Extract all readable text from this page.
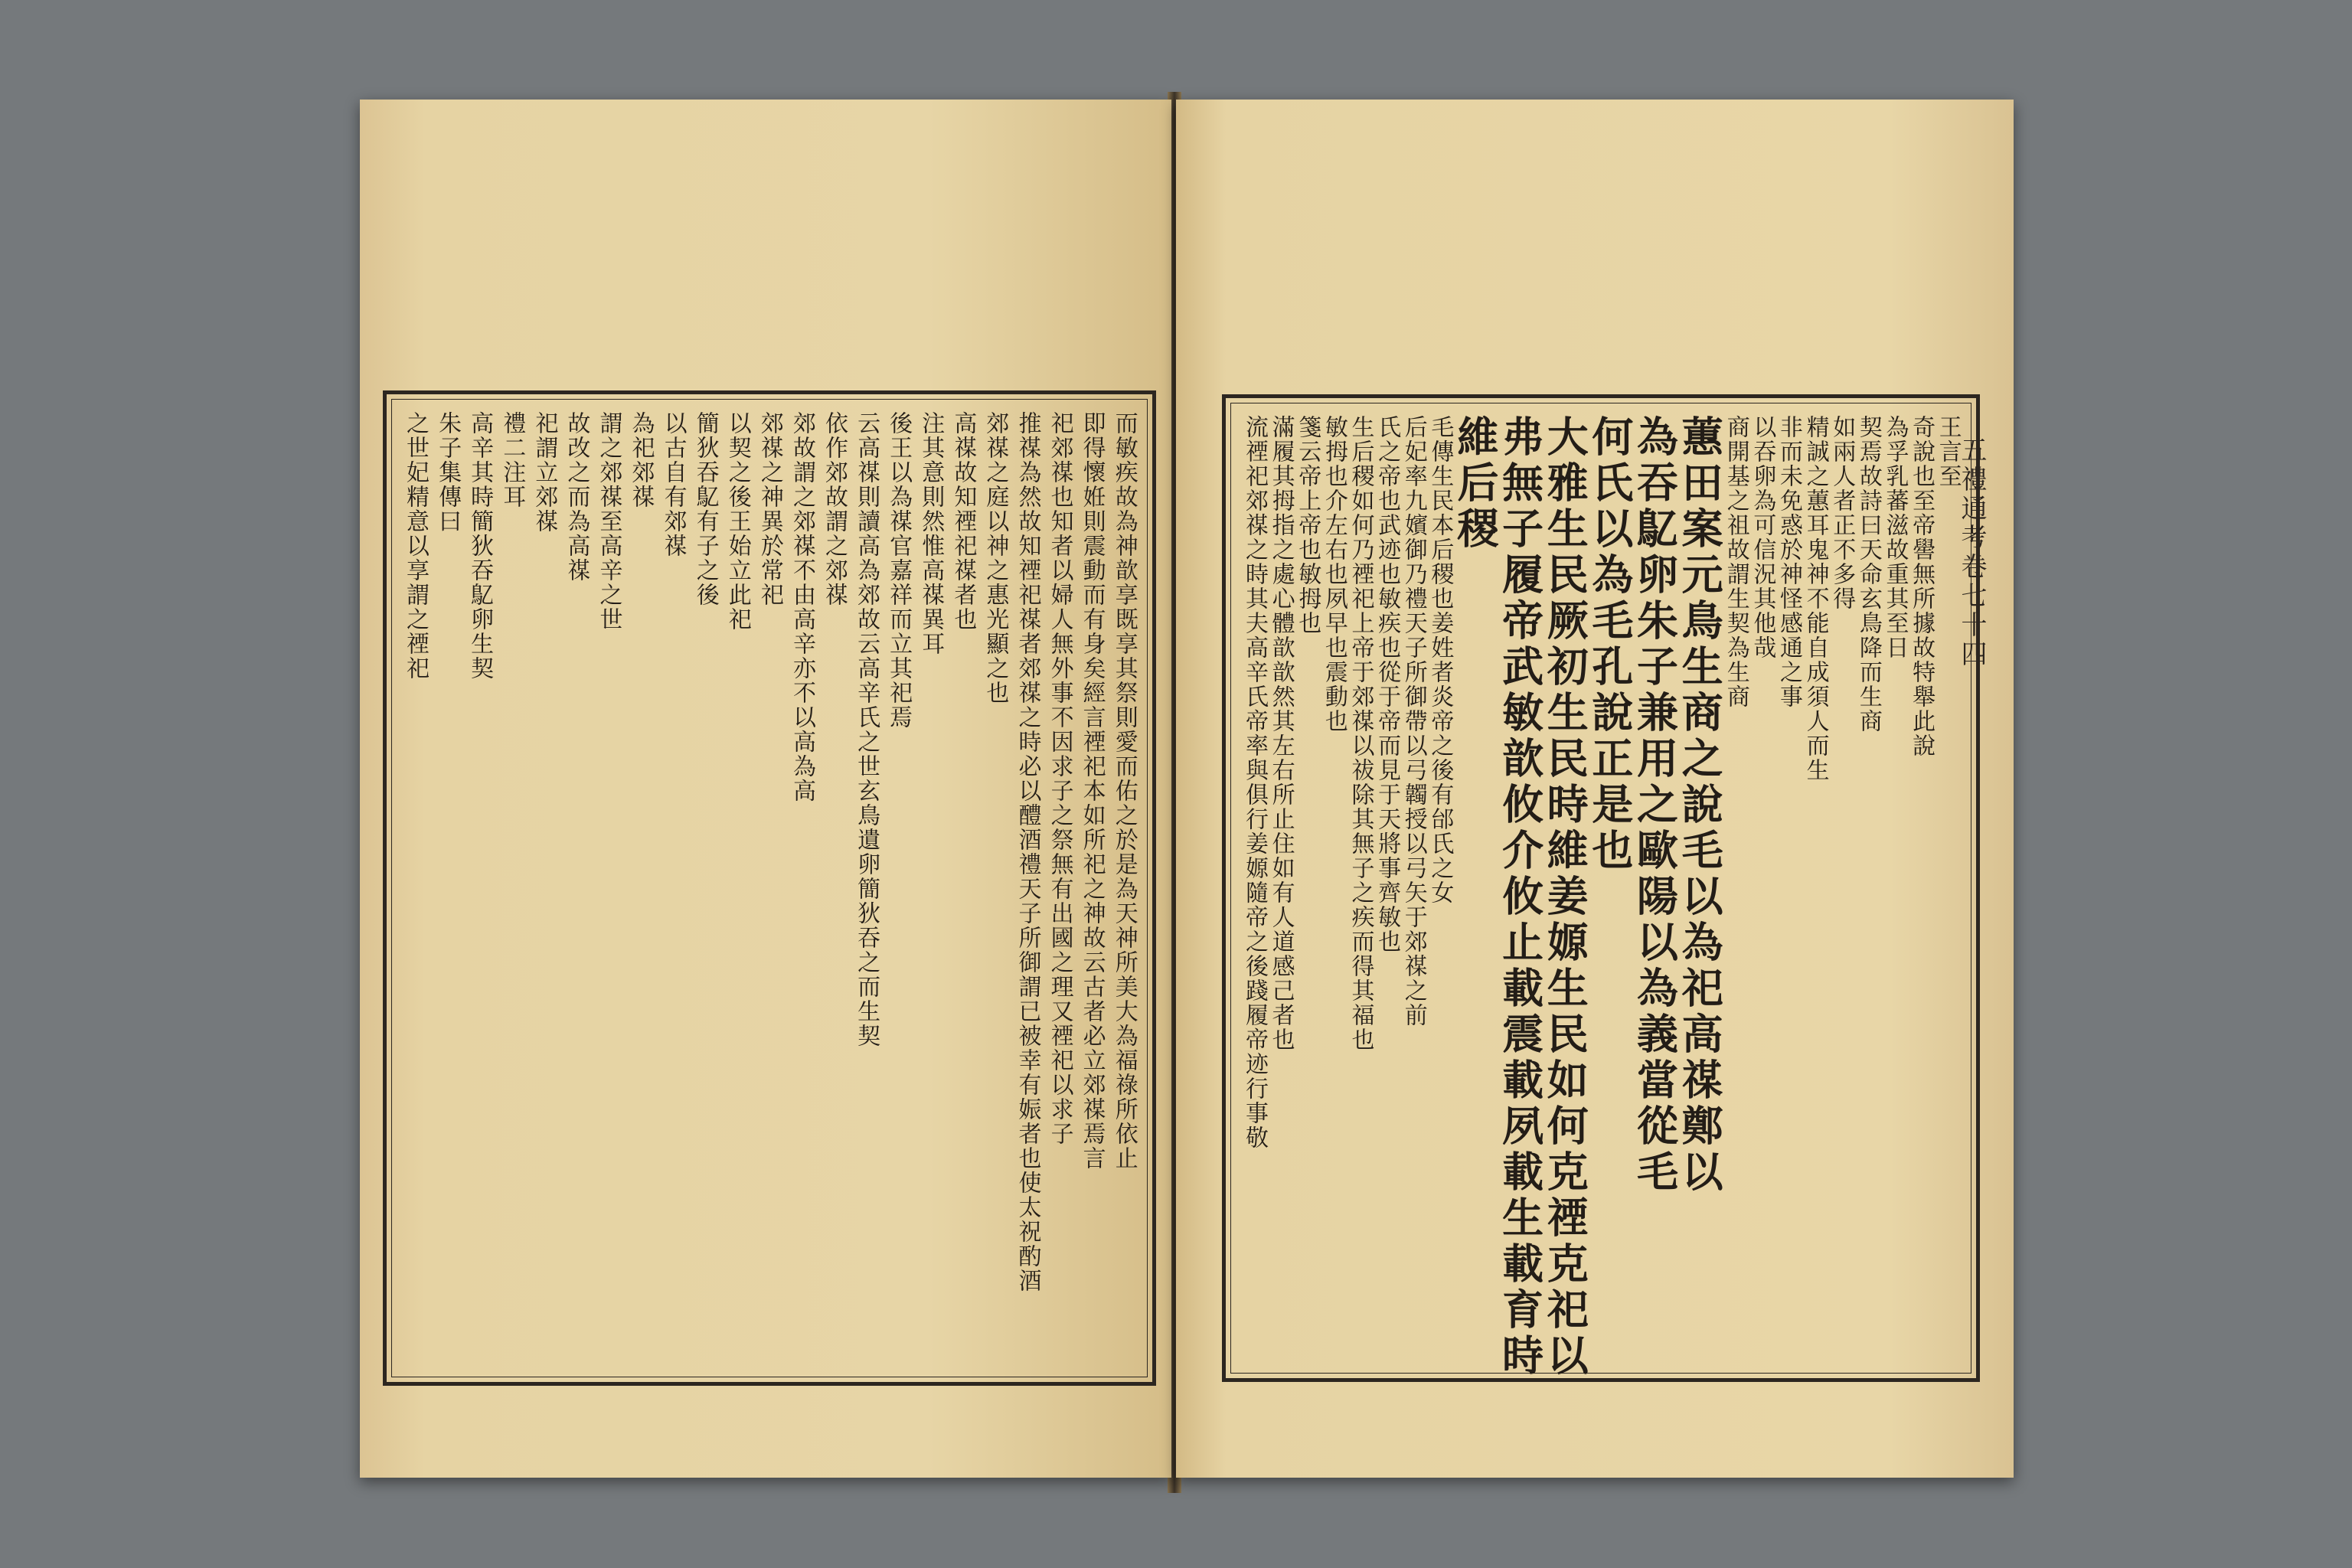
而敏疾故為神歆享既享其祭則愛而佑之於是為天神所美大為福祿所依止
即得懷姙則震動而有身矣經言禋祀本如所祀之神故云古者必立郊禖焉言
祀郊禖也知者以婦人無外事不因求子之祭無有出國之理又禋祀以求子
推禖為然故知禋祀禖者郊禖之時必以醴酒禮天子所御謂已被幸有娠者也使太祝酌酒
郊禖之庭以神之惠光顯之也
高禖故知禋祀禖者也
注其意則然惟高禖異耳
後王以為禖官嘉祥而立其祀焉
云高禖則讀高為郊故云高辛氏之世玄鳥遺卵簡狄吞之而生契
依作郊故謂之郊禖
郊故謂之郊禖不由高辛亦不以高為高
郊禖之神異於常祀
以契之後王始立此祀
簡狄吞鳦有子之後
以古自有郊禖
為祀郊禖
謂之郊禖至高辛之世
故改之而為高禖
祀謂立郊禖
禮二注耳
高辛其時簡狄吞鳦卵生契
朱子集傳曰
之世妃精意以享謂之禋祀	五禮通考卷七十四
王言至
奇說也至帝嚳無所據故特舉此說
為孚乳蕃滋故重其至日
契焉故詩曰天命玄鳥降而生商
如兩人者正不多得
精誠之蕙耳鬼神不能自成須人而生
非而未免惑於神怪感通之事
以吞卵為可信況其他哉
商開基之祖故謂生契為生商
蕙田案元鳥生商之說毛以為祀高禖鄭以
為吞鳦卵朱子兼用之歐陽以為義當從毛
何氏以為毛孔說正是也
大雅生民厥初生民時維姜嫄生民如何克禋克祀以
弗無子履帝武敏歆攸介攸止載震載夙載生載育時
維后稷
毛傳生民本后稷也姜姓者炎帝之後有邰氏之女
后妃率九嬪御乃禮天子所御帶以弓韣授以弓矢于郊禖之前
氏之帝也武迹也敏疾也從于帝而見于天將事齊敏也
生后稷如何乃禋祀上帝于郊禖以祓除其無子之疾而得其福也
敏拇也介左右也夙早也震動也
箋云帝上帝也敏拇也
滿履其拇指之處心體歆歆然其左右所止住如有人道感己者也
流禋祀郊禖之時其夫高辛氏帝率與俱行姜嫄隨帝之後踐履帝迹行事敬
